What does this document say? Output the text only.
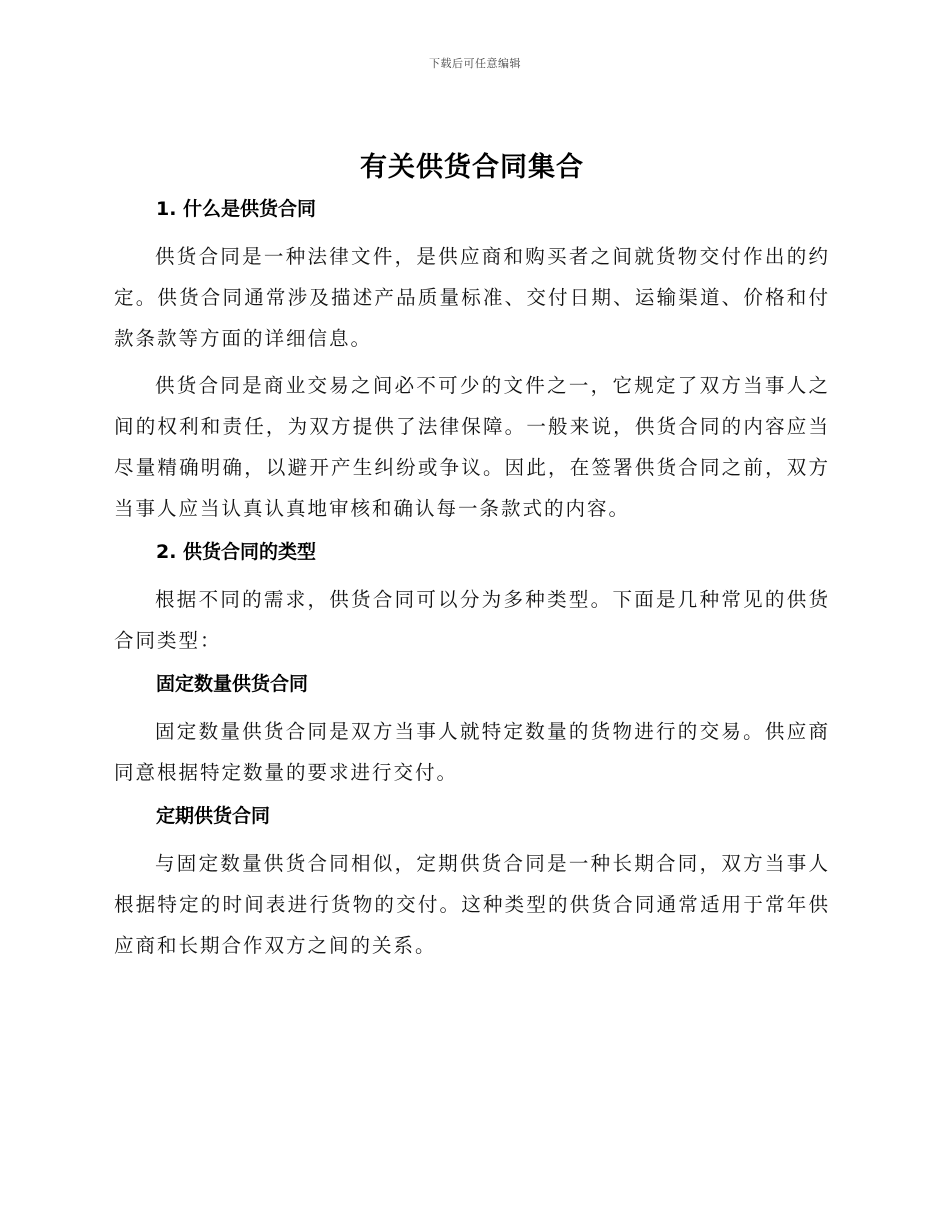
下载后可任意编辑
有关供货合同集合
1. 什么是供货合同

供货合同是一种法律文件，是供应商和购买者之间就货物交付作出的约定。供货合同通常涉及描述产品质量标准、交付日期、运输渠道、价格和付款条款等方面的详细信息。

供货合同是商业交易之间必不可少的文件之一，它规定了双方当事人之间的权利和责任，为双方提供了法律保障。一般来说，供货合同的内容应当尽量精确明确，以避开产生纠纷或争议。因此，在签署供货合同之前，双方当事人应当认真认真地审核和确认每一条款式的内容。

2. 供货合同的类型

根据不同的需求，供货合同可以分为多种类型。下面是几种常见的供货合同类型：

固定数量供货合同

固定数量供货合同是双方当事人就特定数量的货物进行的交易。供应商同意根据特定数量的要求进行交付。

定期供货合同

与固定数量供货合同相似，定期供货合同是一种长期合同，双方当事人根据特定的时间表进行货物的交付。这种类型的供货合同通常适用于常年供应商和长期合作双方之间的关系。
